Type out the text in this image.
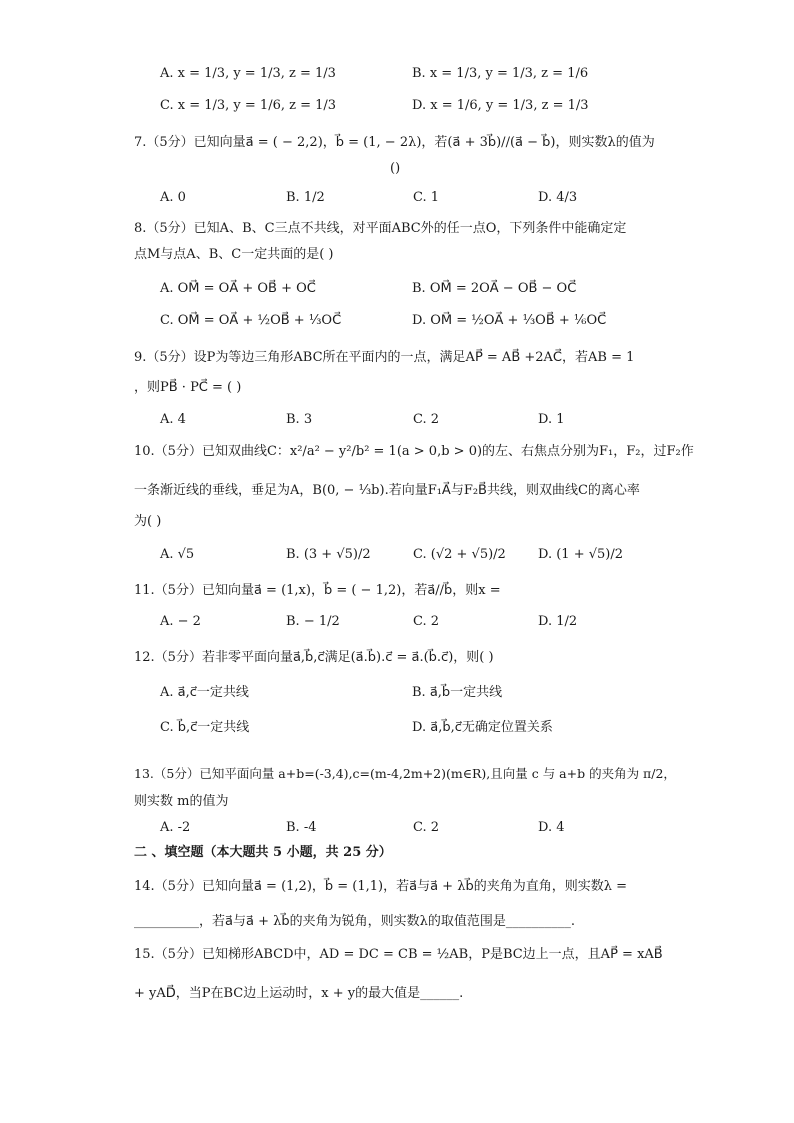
A. x = 1/3, y = 1/3, z = 1/3	B. x = 1/3, y = 1/3, z = 1/6
C. x = 1/3, y = 1/6, z = 1/3	D. x = 1/6, y = 1/3, z = 1/3
7.（5分）已知向量a⃗ = ( − 2,2)，b⃗ = (1, − 2λ)，若(a⃗ + 3b⃗)//(a⃗ − b⃗)，则实数λ的值为
()
A. 0	B. 1/2	C. 1	D. 4/3
8.（5分）已知A、B、C三点不共线，对平面ABC外的任一点O，下列条件中能确定定
点M与点A、B、C一定共面的是( )
A. OM⃗ = OA⃗ + OB⃗ + OC⃗	B. OM⃗ = 2OA⃗ − OB⃗ − OC⃗
C. OM⃗ = OA⃗ + ½OB⃗ + ⅓OC⃗	D. OM⃗ = ½OA⃗ + ⅓OB⃗ + ⅙OC⃗
9.（5分）设P为等边三角形ABC所在平面内的一点，满足AP⃗ = AB⃗ +2AC⃗，若AB = 1
，则PB⃗ · PC⃗ = ( )
A. 4	B. 3	C. 2	D. 1
10.（5分）已知双曲线C：x²/a² − y²/b² = 1(a > 0,b > 0)的左、右焦点分别为F₁，F₂，过F₂作
一条渐近线的垂线，垂足为A，B(0, − ⅓b).若向量F₁A⃗与F₂B⃗共线，则双曲线C的离心率
为( )
A. √5	B. (3 + √5)/2	C. (√2 + √5)/2 D. (1 + √5)/2
11.（5分）已知向量a⃗ = (1,x)，b⃗ = ( − 1,2)，若a⃗//b⃗，则x =
A. − 2	B. − 1/2	C. 2	D. 1/2
12.（5分）若非零平面向量a⃗,b⃗,c⃗满足(a⃗.b⃗).c⃗ = a⃗.(b⃗.c⃗)，则( )
A. a⃗,c⃗一定共线	B. a⃗,b⃗一定共线
C. b⃗,c⃗一定共线	D. a⃗,b⃗,c⃗无确定位置关系
13.（5分）已知平面向量 a+b=(-3,4),c=(m-4,2m+2)(m∈R),且向量 c 与 a+b 的夹角为 π/2，
则实数 m的值为
A. -2	B. -4	C. 2	D. 4
二 、填空题（本大题共 5 小题，共 25 分）
14.（5分）已知向量a⃗ = (1,2)，b⃗ = (1,1)，若a⃗与a⃗ + λb⃗的夹角为直角，则实数λ =
__________，若a⃗与a⃗ + λb⃗的夹角为锐角，则实数λ的取值范围是__________.
15.（5分）已知梯形ABCD中，AD = DC = CB = ½AB，P是BC边上一点，且AP⃗ = xAB⃗
+ yAD⃗，当P在BC边上运动时，x + y的最大值是______.
